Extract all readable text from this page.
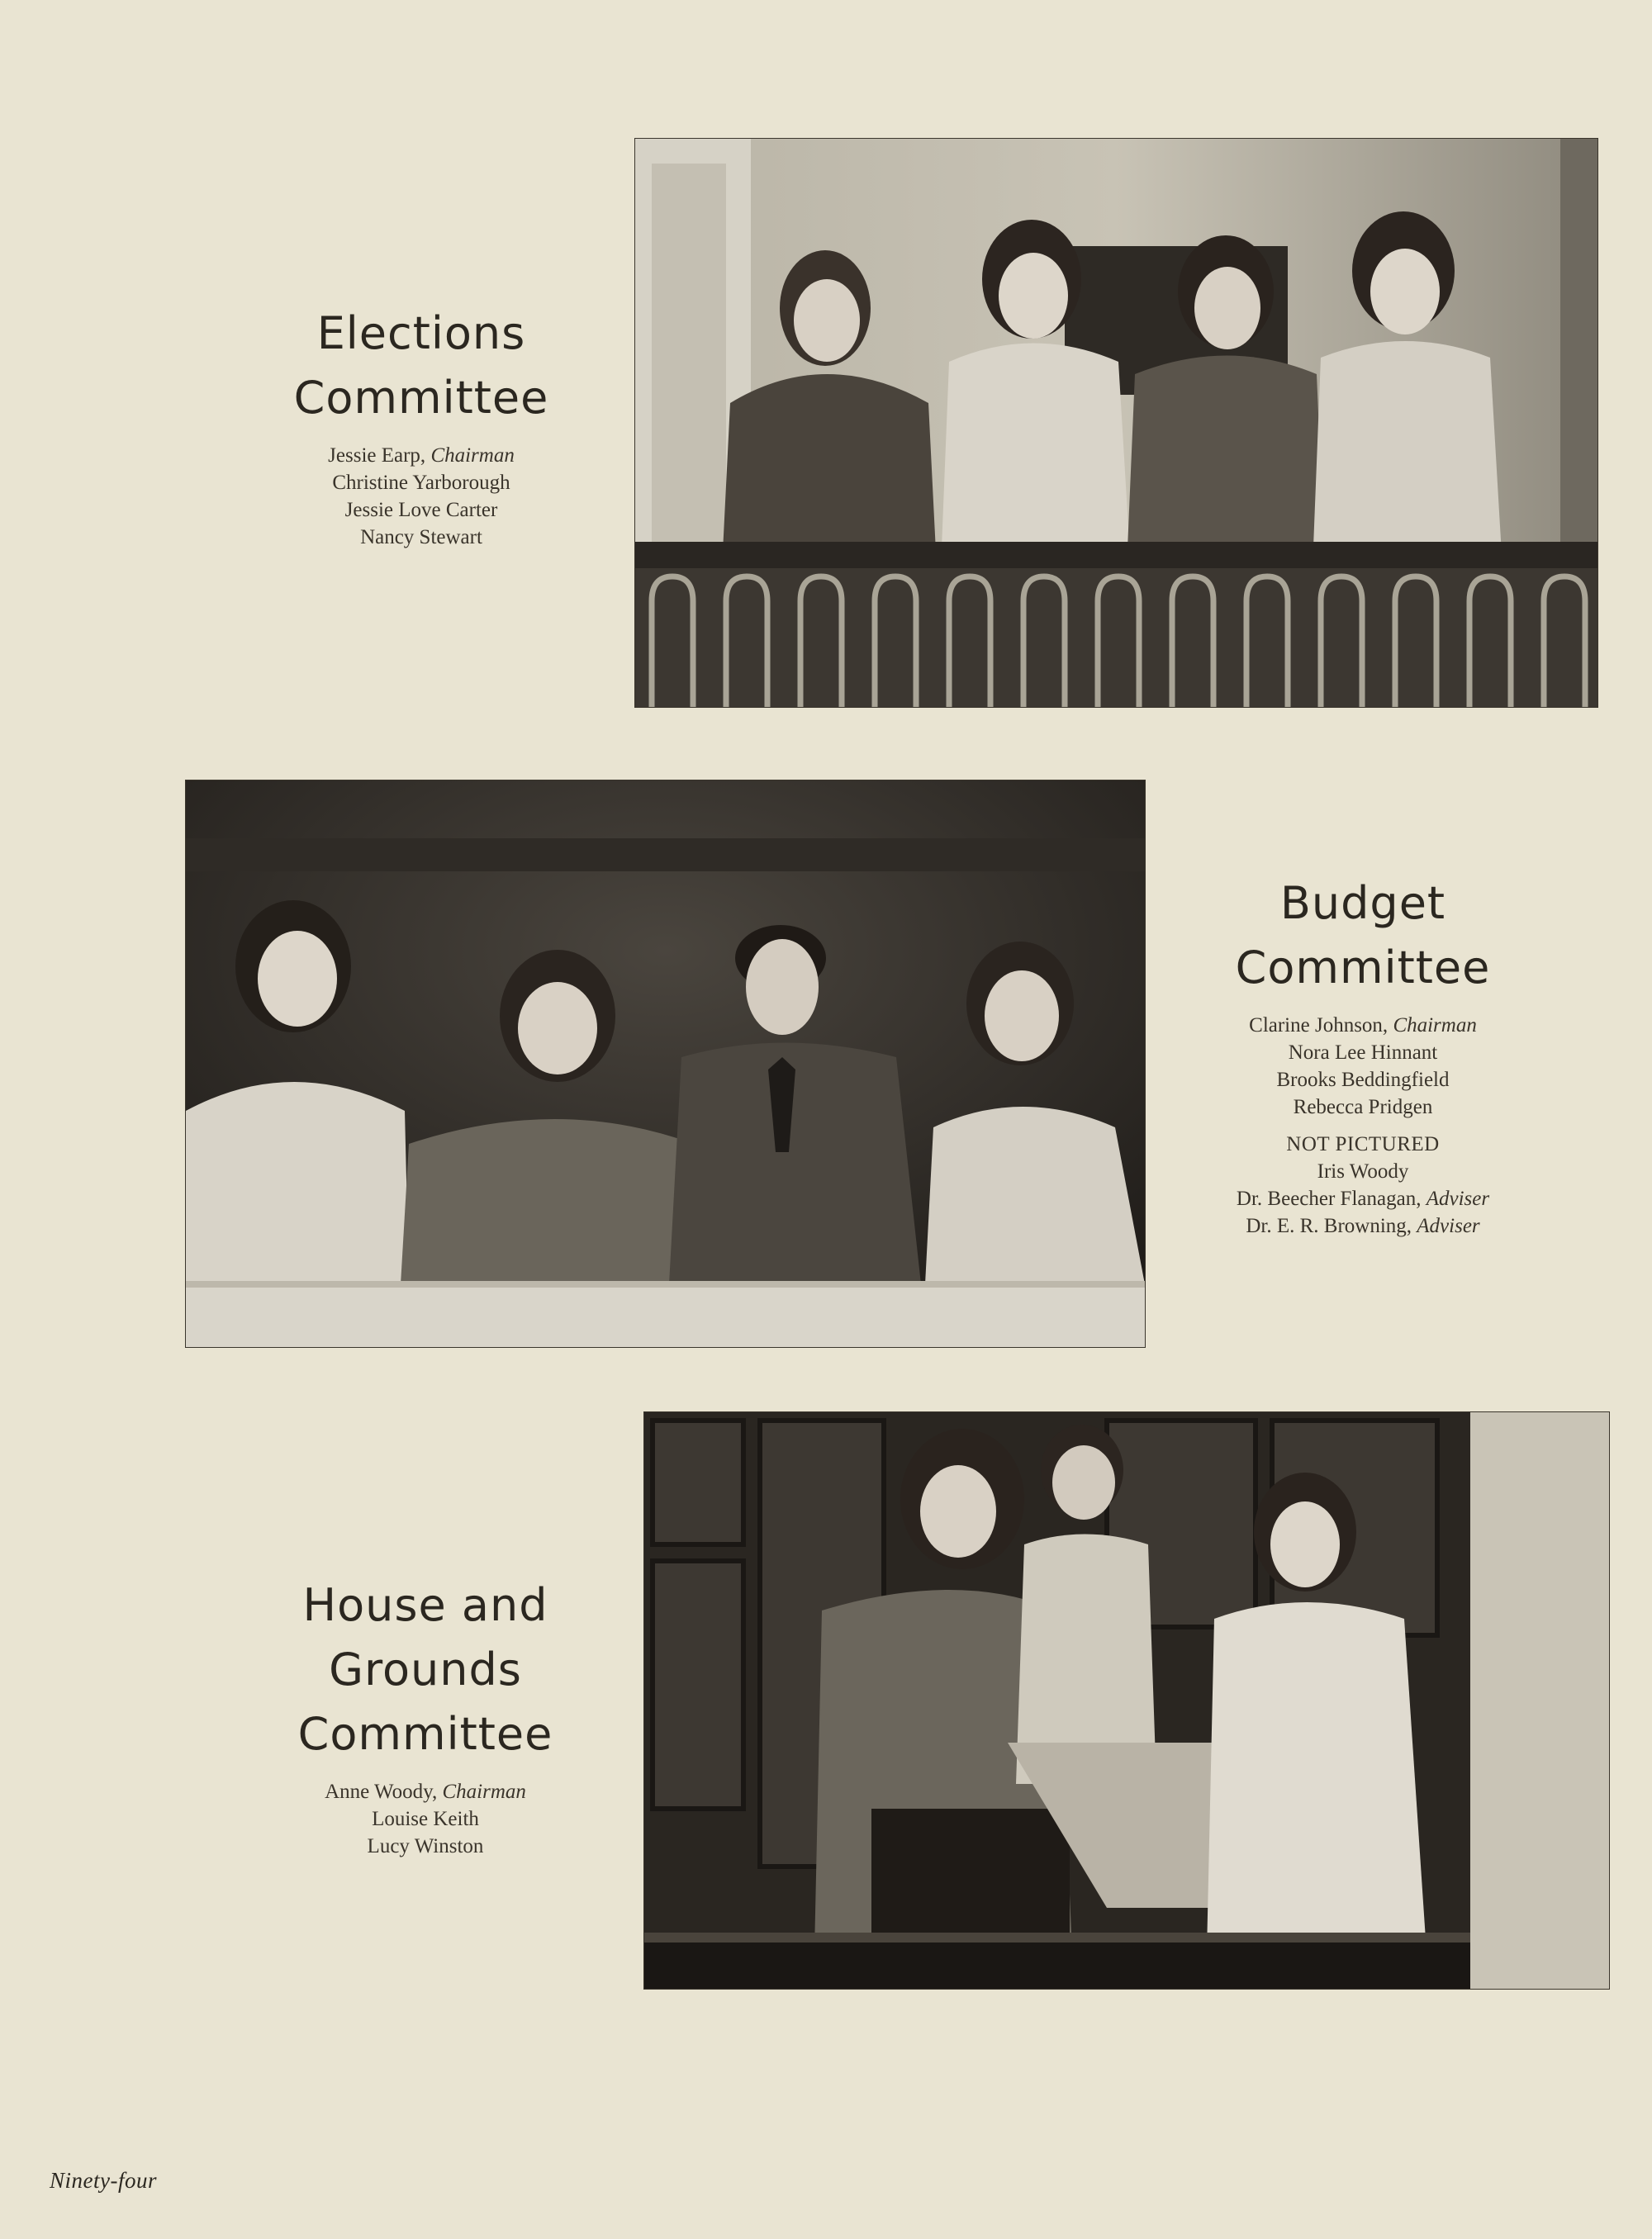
Elections
Committee
Jessie Earp, Chairman
Christine Yarborough
Jessie Love Carter
Nancy Stewart
Budget
Committee
Clarine Johnson, Chairman
Nora Lee Hinnant
Brooks Beddingfield
Rebecca Pridgen
NOT PICTURED
Iris Woody
Dr. Beecher Flanagan, Adviser
Dr. E. R. Browning, Adviser
House and
Grounds
Committee
Anne Woody, Chairman
Louise Keith
Lucy Winston
Ninety-four
